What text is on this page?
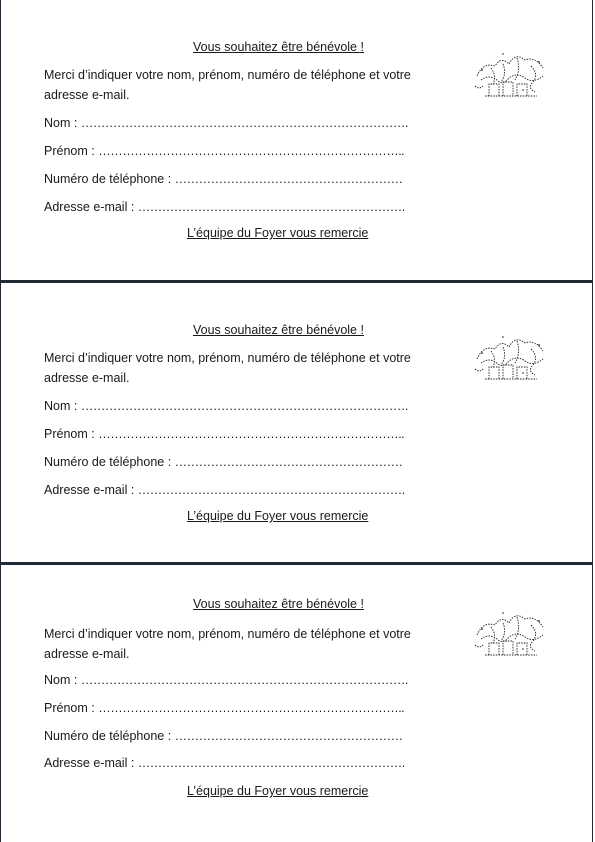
Vous souhaitez être bénévole !
Merci d’indiquer votre nom, prénom, numéro de téléphone et votre adresse e-mail.
Nom : ……………………………………………………………………….
Prénom : …………………………………………………………………..
Numéro de téléphone : …………………………………………………
Adresse e-mail : ………………………………………………………….
L’équipe du Foyer vous remercie
Vous souhaitez être bénévole !
Merci d’indiquer votre nom, prénom, numéro de téléphone et votre adresse e-mail.
Nom : ……………………………………………………………………….
Prénom : …………………………………………………………………..
Numéro de téléphone : …………………………………………………
Adresse e-mail : ………………………………………………………….
L’équipe du Foyer vous remercie
Vous souhaitez être bénévole !
Merci d’indiquer votre nom, prénom, numéro de téléphone et votre adresse e-mail.
Nom : ……………………………………………………………………….
Prénom : …………………………………………………………………..
Numéro de téléphone : …………………………………………………
Adresse e-mail : ………………………………………………………….
L’équipe du Foyer vous remercie
